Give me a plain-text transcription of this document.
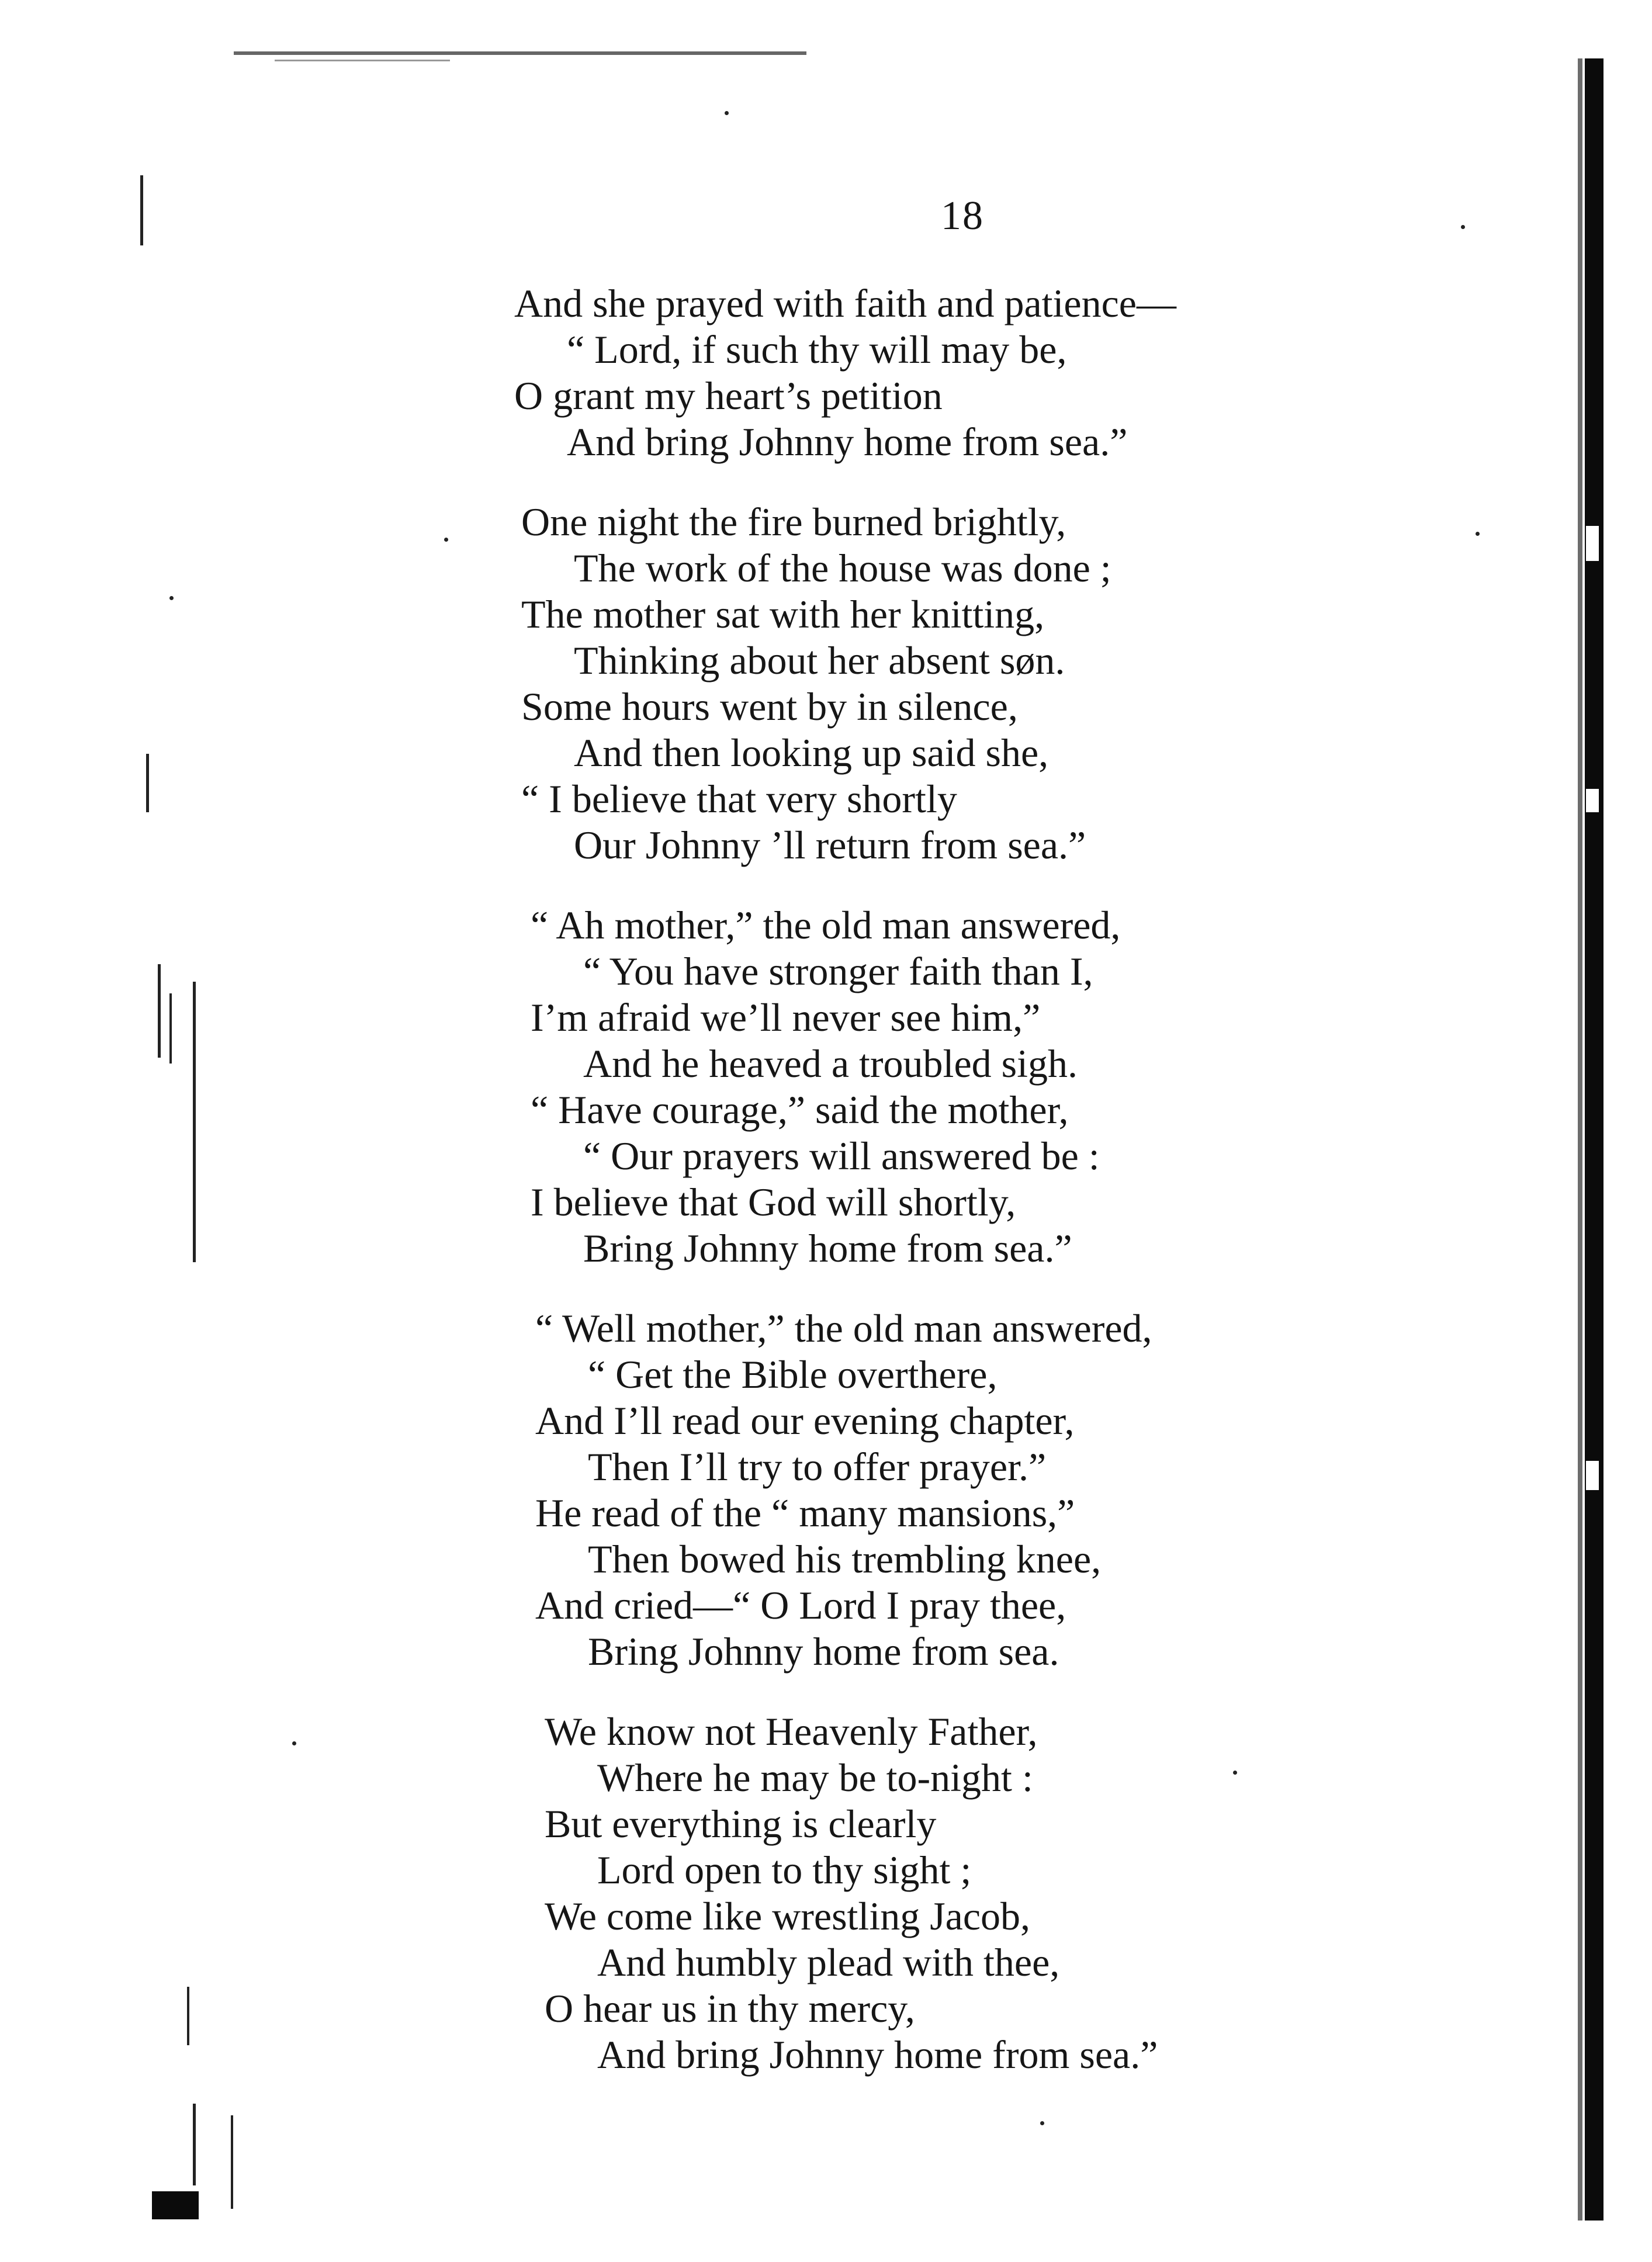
18
And she prayed with faith and patience—
“ Lord, if such thy will may be,
O grant my heart’s petition
And bring Johnny home from sea.”
One night the fire burned brightly,
The work of the house was done ;
The mother sat with her knitting,
Thinking about her absent søn.
Some hours went by in silence,
And then looking up said she,
“ I believe that very shortly
Our Johnny ’ll return from sea.”
“ Ah mother,” the old man answered,
“ You have stronger faith than I,
I’m afraid we’ll never see him,”
And he heaved a troubled sigh.
“ Have courage,” said the mother,
“ Our prayers will answered be :
I believe that God will shortly,
Bring Johnny home from sea.”
“ Well mother,” the old man answered,
“ Get the Bible overthere,
And I’ll read our evening chapter,
Then I’ll try to offer prayer.”
He read of the “ many mansions,”
Then bowed his trembling knee,
And cried—“ O Lord I pray thee,
Bring Johnny home from sea.
We know not Heavenly Father,
Where he may be to-night :
But everything is clearly
Lord open to thy sight ;
We come like wrestling Jacob,
And humbly plead with thee,
O hear us in thy mercy,
And bring Johnny home from sea.”
